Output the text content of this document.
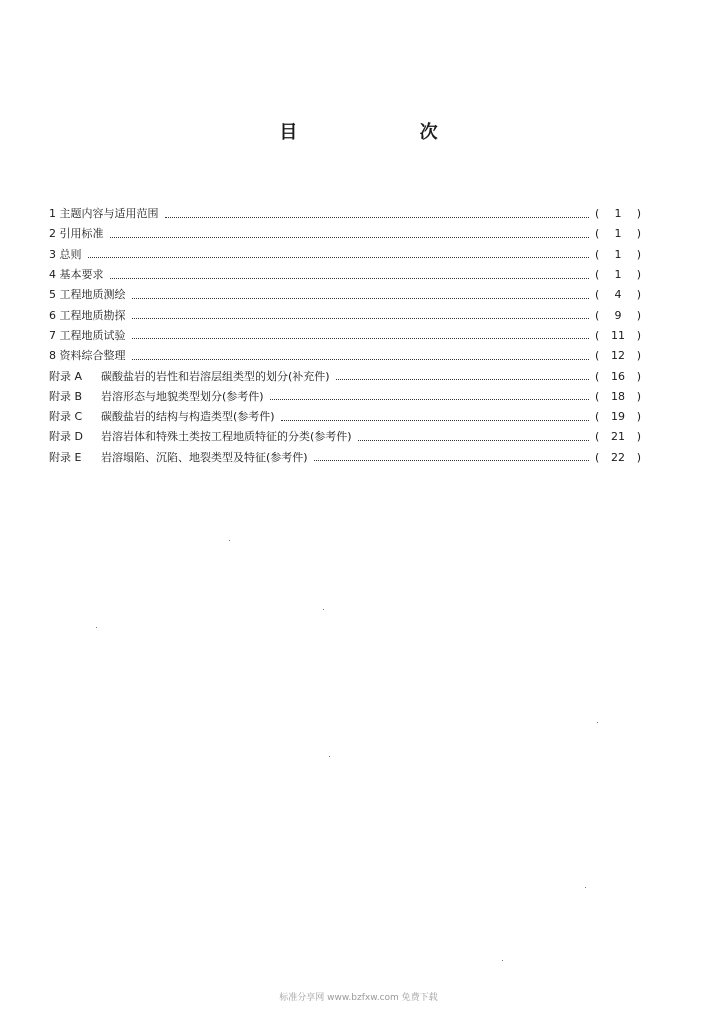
目 次
1 主题内容与适用范围	(	1	)
2 引用标准	(	1	)
3 总则	(	1	)
4 基本要求	(	1	)
5 工程地质测绘	(	4	)
6 工程地质勘探	(	9	)
7 工程地质试验	(	11	)
8 资料综合整理	(	12	)
附录 A 碳酸盐岩的岩性和岩溶层组类型的划分(补充件)	(	16	)
附录 B 岩溶形态与地貌类型划分(参考件)	(	18	)
附录 C 碳酸盐岩的结构与构造类型(参考件)	(	19	)
附录 D 岩溶岩体和特殊土类按工程地质特征的分类(参考件)	(	21	)
附录 E 岩溶塌陷、沉陷、地裂类型及特征(参考件)	(	22	)
标准分享网 www.bzfxw.com 免费下载
